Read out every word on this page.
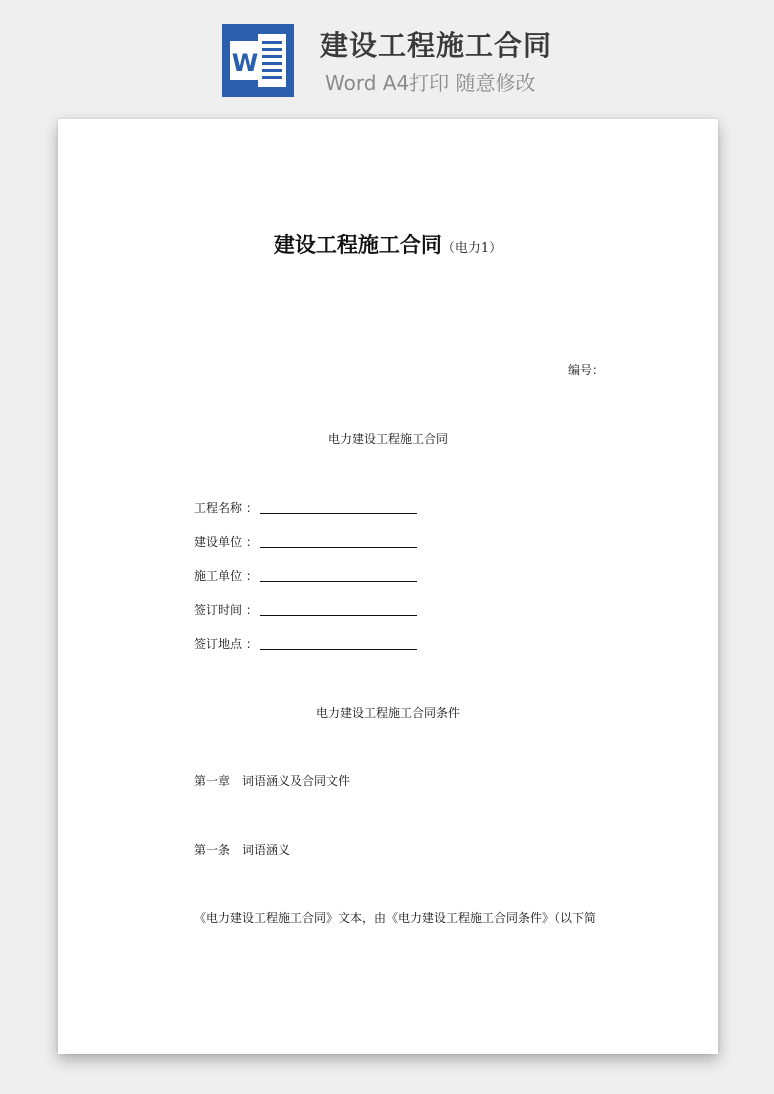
W
建设工程施工合同
Word A4打印 随意修改
建设工程施工合同（电力1）
编号：
电力建设工程施工合同
工程名称 ：
建设单位 ：
施工单位 ：
签订时间 ：
签订地点 ：
电力建设工程施工合同条件
第一章 词语涵义及合同文件
第一条 词语涵义
《电力建设工程施工合同》文本，由《电力建设工程施工合同条件》（以下简
